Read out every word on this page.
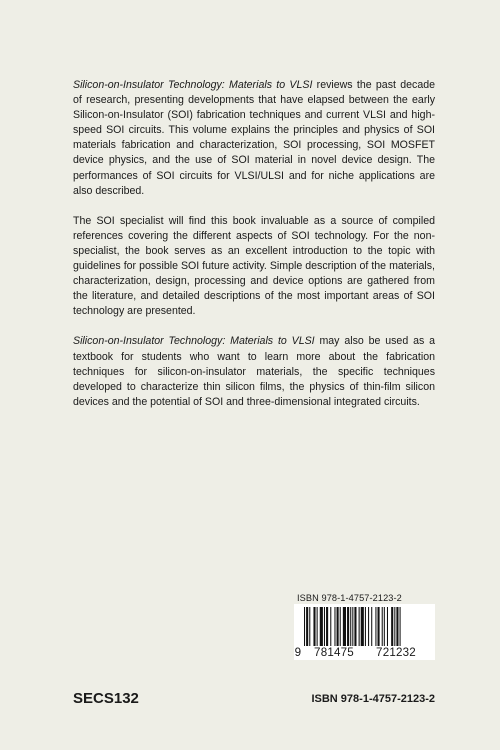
Silicon-on-Insulator Technology: Materials to VLSI reviews the past decade of research, presenting developments that have elapsed between the early Silicon-on-Insulator (SOI) fabrication techniques and current VLSI and high-speed SOI circuits. This volume explains the principles and physics of SOI materials fabrication and characterization, SOI processing, SOI MOSFET device physics, and the use of SOI material in novel device design. The performances of SOI circuits for VLSI/ULSI and for niche applications are also described.

The SOI specialist will find this book invaluable as a source of compiled references covering the different aspects of SOI technology. For the non-specialist, the book serves as an excellent introduction to the topic with guidelines for possible SOI future activity. Simple description of the materials, characterization, design, processing and device options are gathered from the literature, and detailed descriptions of the most important areas of SOI technology are presented.

Silicon-on-Insulator Technology: Materials to VLSI may also be used as a textbook for students who want to learn more about the fabrication techniques for silicon-on-insulator materials, the specific techniques developed to characterize thin silicon films, the physics of thin-film silicon devices and the potential of SOI and three-dimensional integrated circuits.

ISBN 978-1-4757-2123-2
9	781475	721232
SECS132	ISBN 978-1-4757-2123-2
